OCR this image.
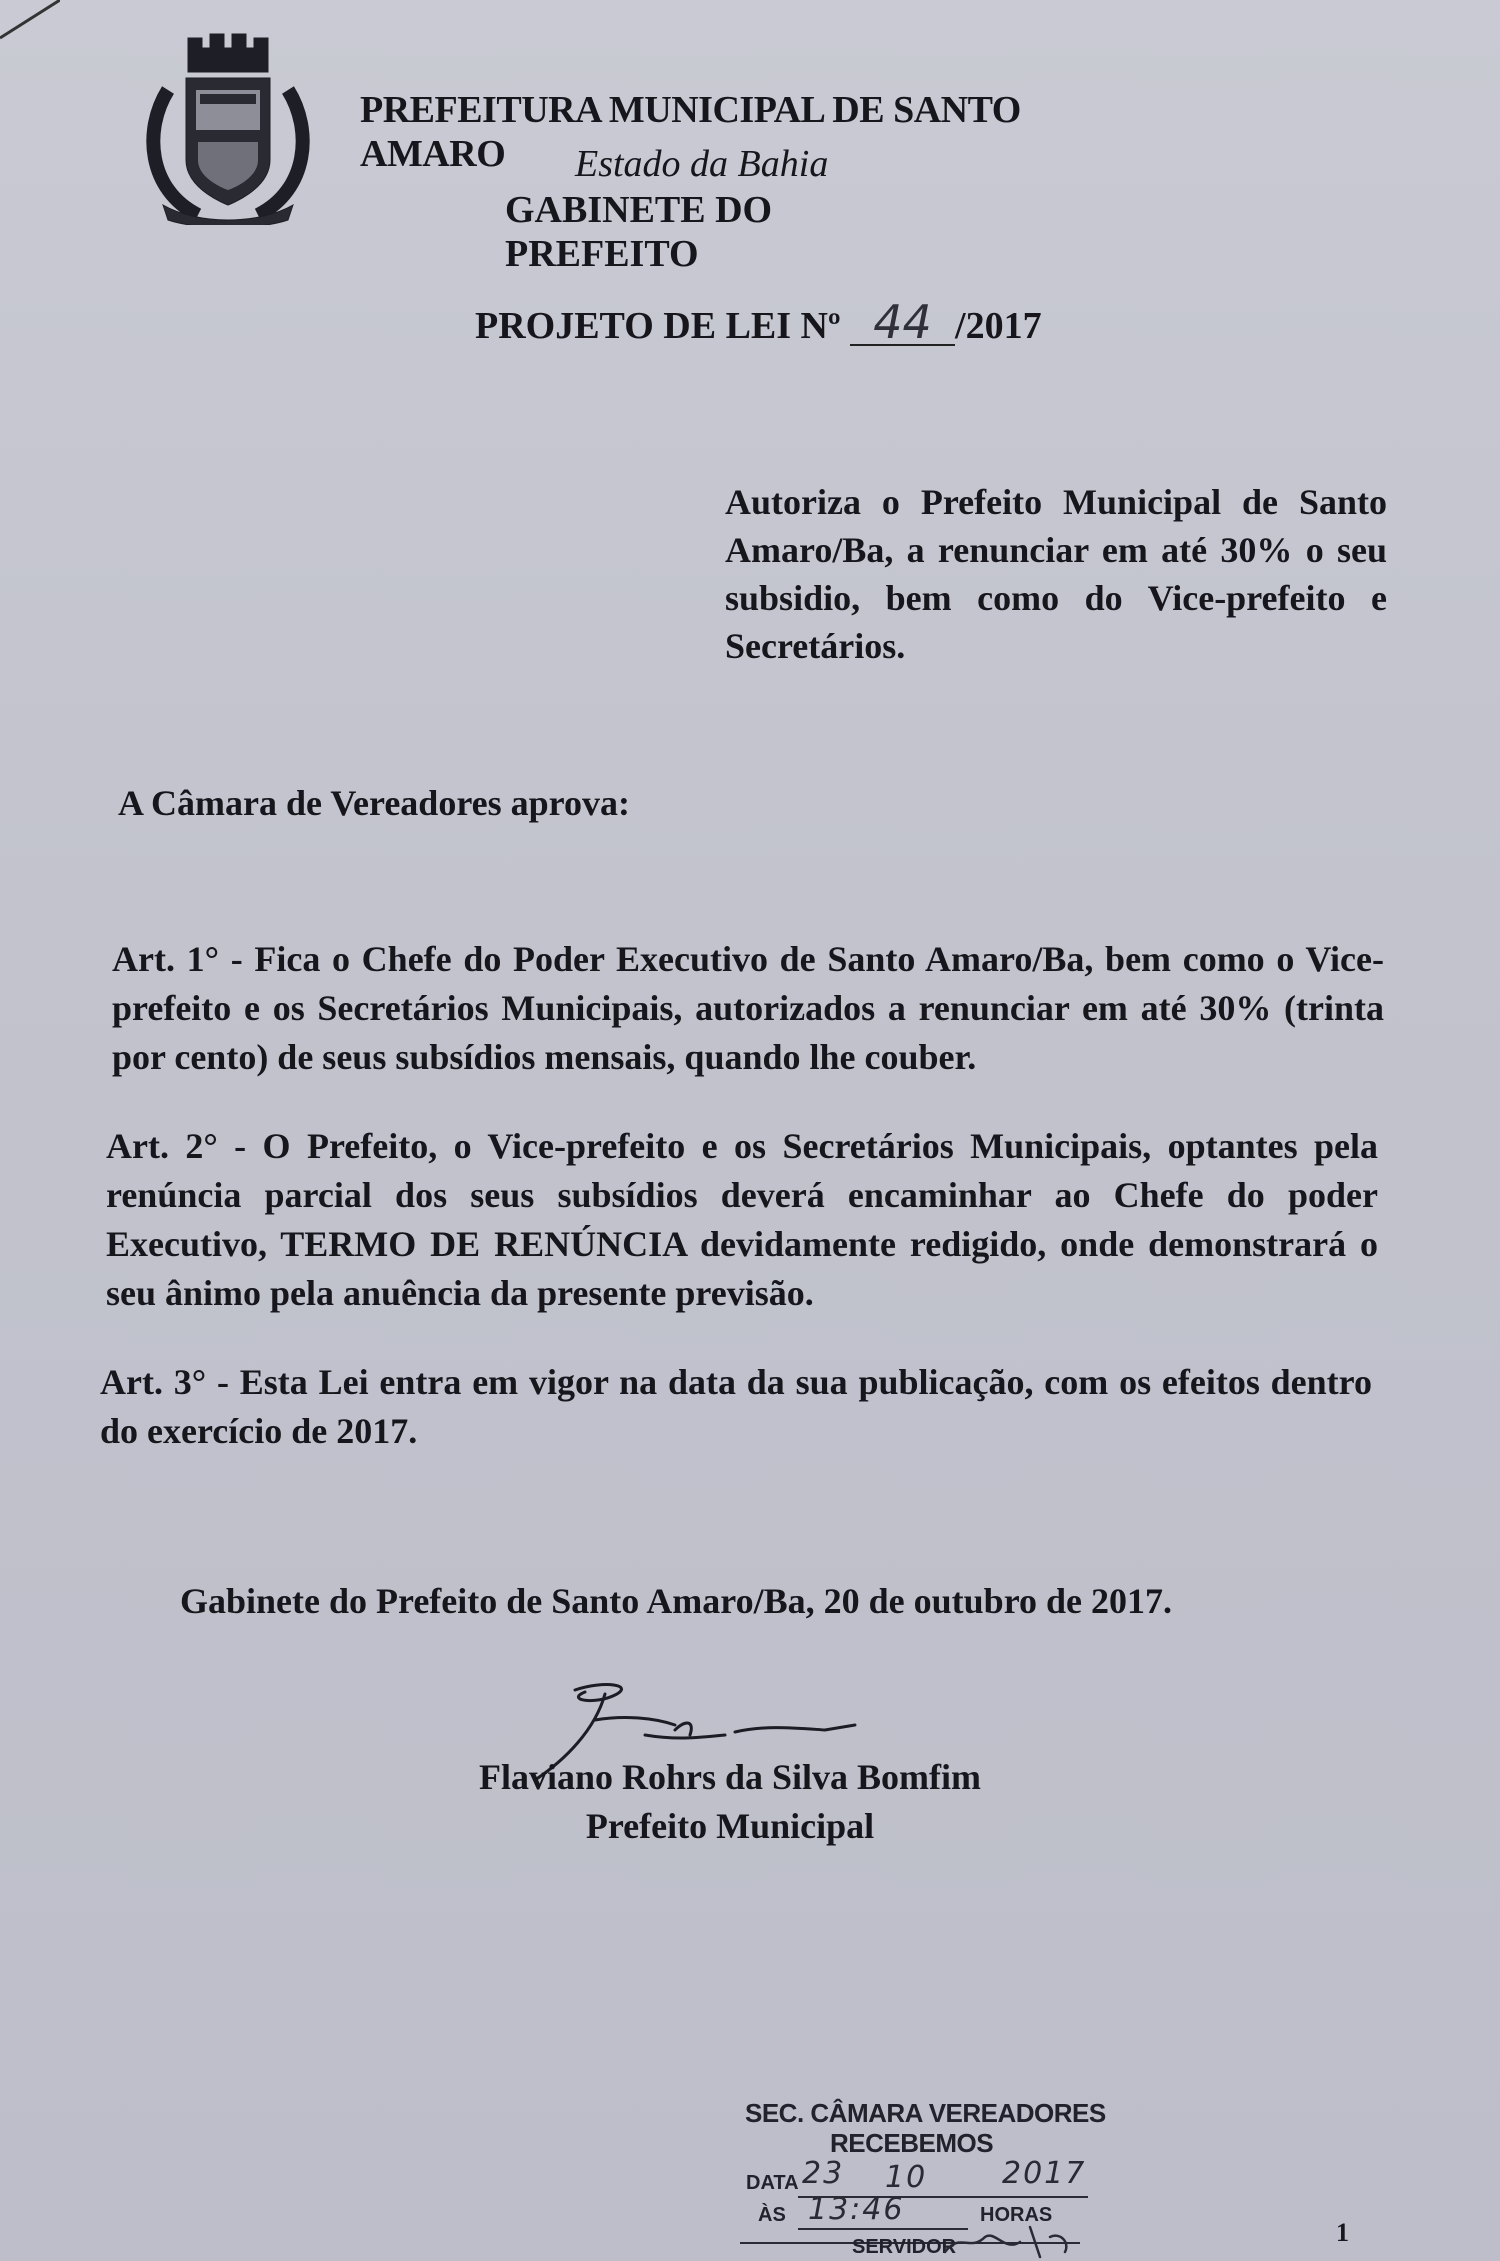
PREFEITURA MUNICIPAL DE SANTO AMARO	Estado da Bahia
GABINETE DO PREFEITO
PROJETO DE LEI Nº 44 /2017
Autoriza o Prefeito Municipal de Santo Amaro/Ba, a renunciar em até 30% o seu subsidio, bem como do Vice-prefeito e Secretários.
A Câmara de Vereadores aprova:
Art. 1° - Fica o Chefe do Poder Executivo de Santo Amaro/Ba, bem como o Vice-prefeito e os Secretários Municipais, autorizados a renunciar em até 30% (trinta por cento) de seus subsídios mensais, quando lhe couber.
Art. 2° - O Prefeito, o Vice-prefeito e os Secretários Municipais, optantes pela renúncia parcial dos seus subsídios deverá encaminhar ao Chefe do poder Executivo, TERMO DE RENÚNCIA devidamente redigido, onde demonstrará o seu ânimo pela anuência da presente previsão.
Art. 3° - Esta Lei entra em vigor na data da sua publicação, com os efeitos dentro do exercício de 2017.
Gabinete do Prefeito de Santo Amaro/Ba, 20 de outubro de 2017.
Flaviano Rohrs da Silva Bomfim
Prefeito Municipal
SEC. CÂMARA VEREADORES
RECEBEMOS
DATA 23 10 2017
ÀS 13:46	HORAS
SERVIDOR	1
